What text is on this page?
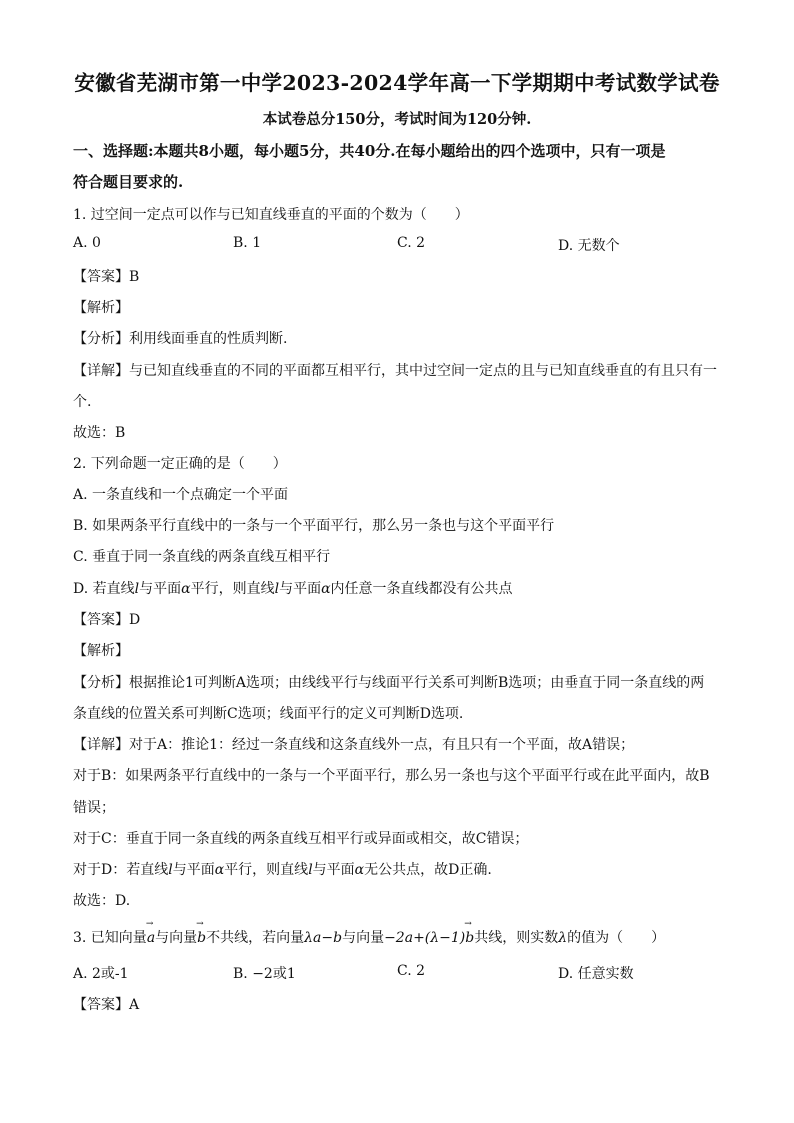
安徽省芜湖市第一中学2023-2024学年高一下学期期中考试数学试卷
本试卷总分150分，考试时间为120分钟.
一、选择题:本题共8小题，每小题5分，共40分.在每小题给出的四个选项中，只有一项是
符合题目要求的.
1. 过空间一定点可以作与已知直线垂直的平面的个数为（　　）
A. 0	B. 1	C. 2	D. 无数个
【答案】B
【解析】
【分析】利用线面垂直的性质判断.
【详解】与已知直线垂直的不同的平面都互相平行，其中过空间一定点的且与已知直线垂直的有且只有一
个.
故选：B
2. 下列命题一定正确的是（　　）
A. 一条直线和一个点确定一个平面
B. 如果两条平行直线中的一条与一个平面平行，那么另一条也与这个平面平行
C. 垂直于同一条直线的两条直线互相平行
D. 若直线l与平面α平行，则直线l与平面α内任意一条直线都没有公共点
【答案】D
【解析】
【分析】根据推论1可判断A选项；由线线平行与线面平行关系可判断B选项；由垂直于同一条直线的两
条直线的位置关系可判断C选项；线面平行的定义可判断D选项.
【详解】对于A：推论1：经过一条直线和这条直线外一点，有且只有一个平面，故A错误；
对于B：如果两条平行直线中的一条与一个平面平行，那么另一条也与这个平面平行或在此平面内，故B
错误；
对于C：垂直于同一条直线的两条直线互相平行或异面或相交，故C错误；
对于D：若直线l与平面α平行，则直线l与平面α无公共点，故D正确.
故选：D.
3. 已知向量→ a与向量→ b不共线，若向量λa−b与向量−2a+(λ−1)→ b共线，则实数λ的值为（　　）
A. 2或-1	B. −2或1	C. 2	D. 任意实数
【答案】A
